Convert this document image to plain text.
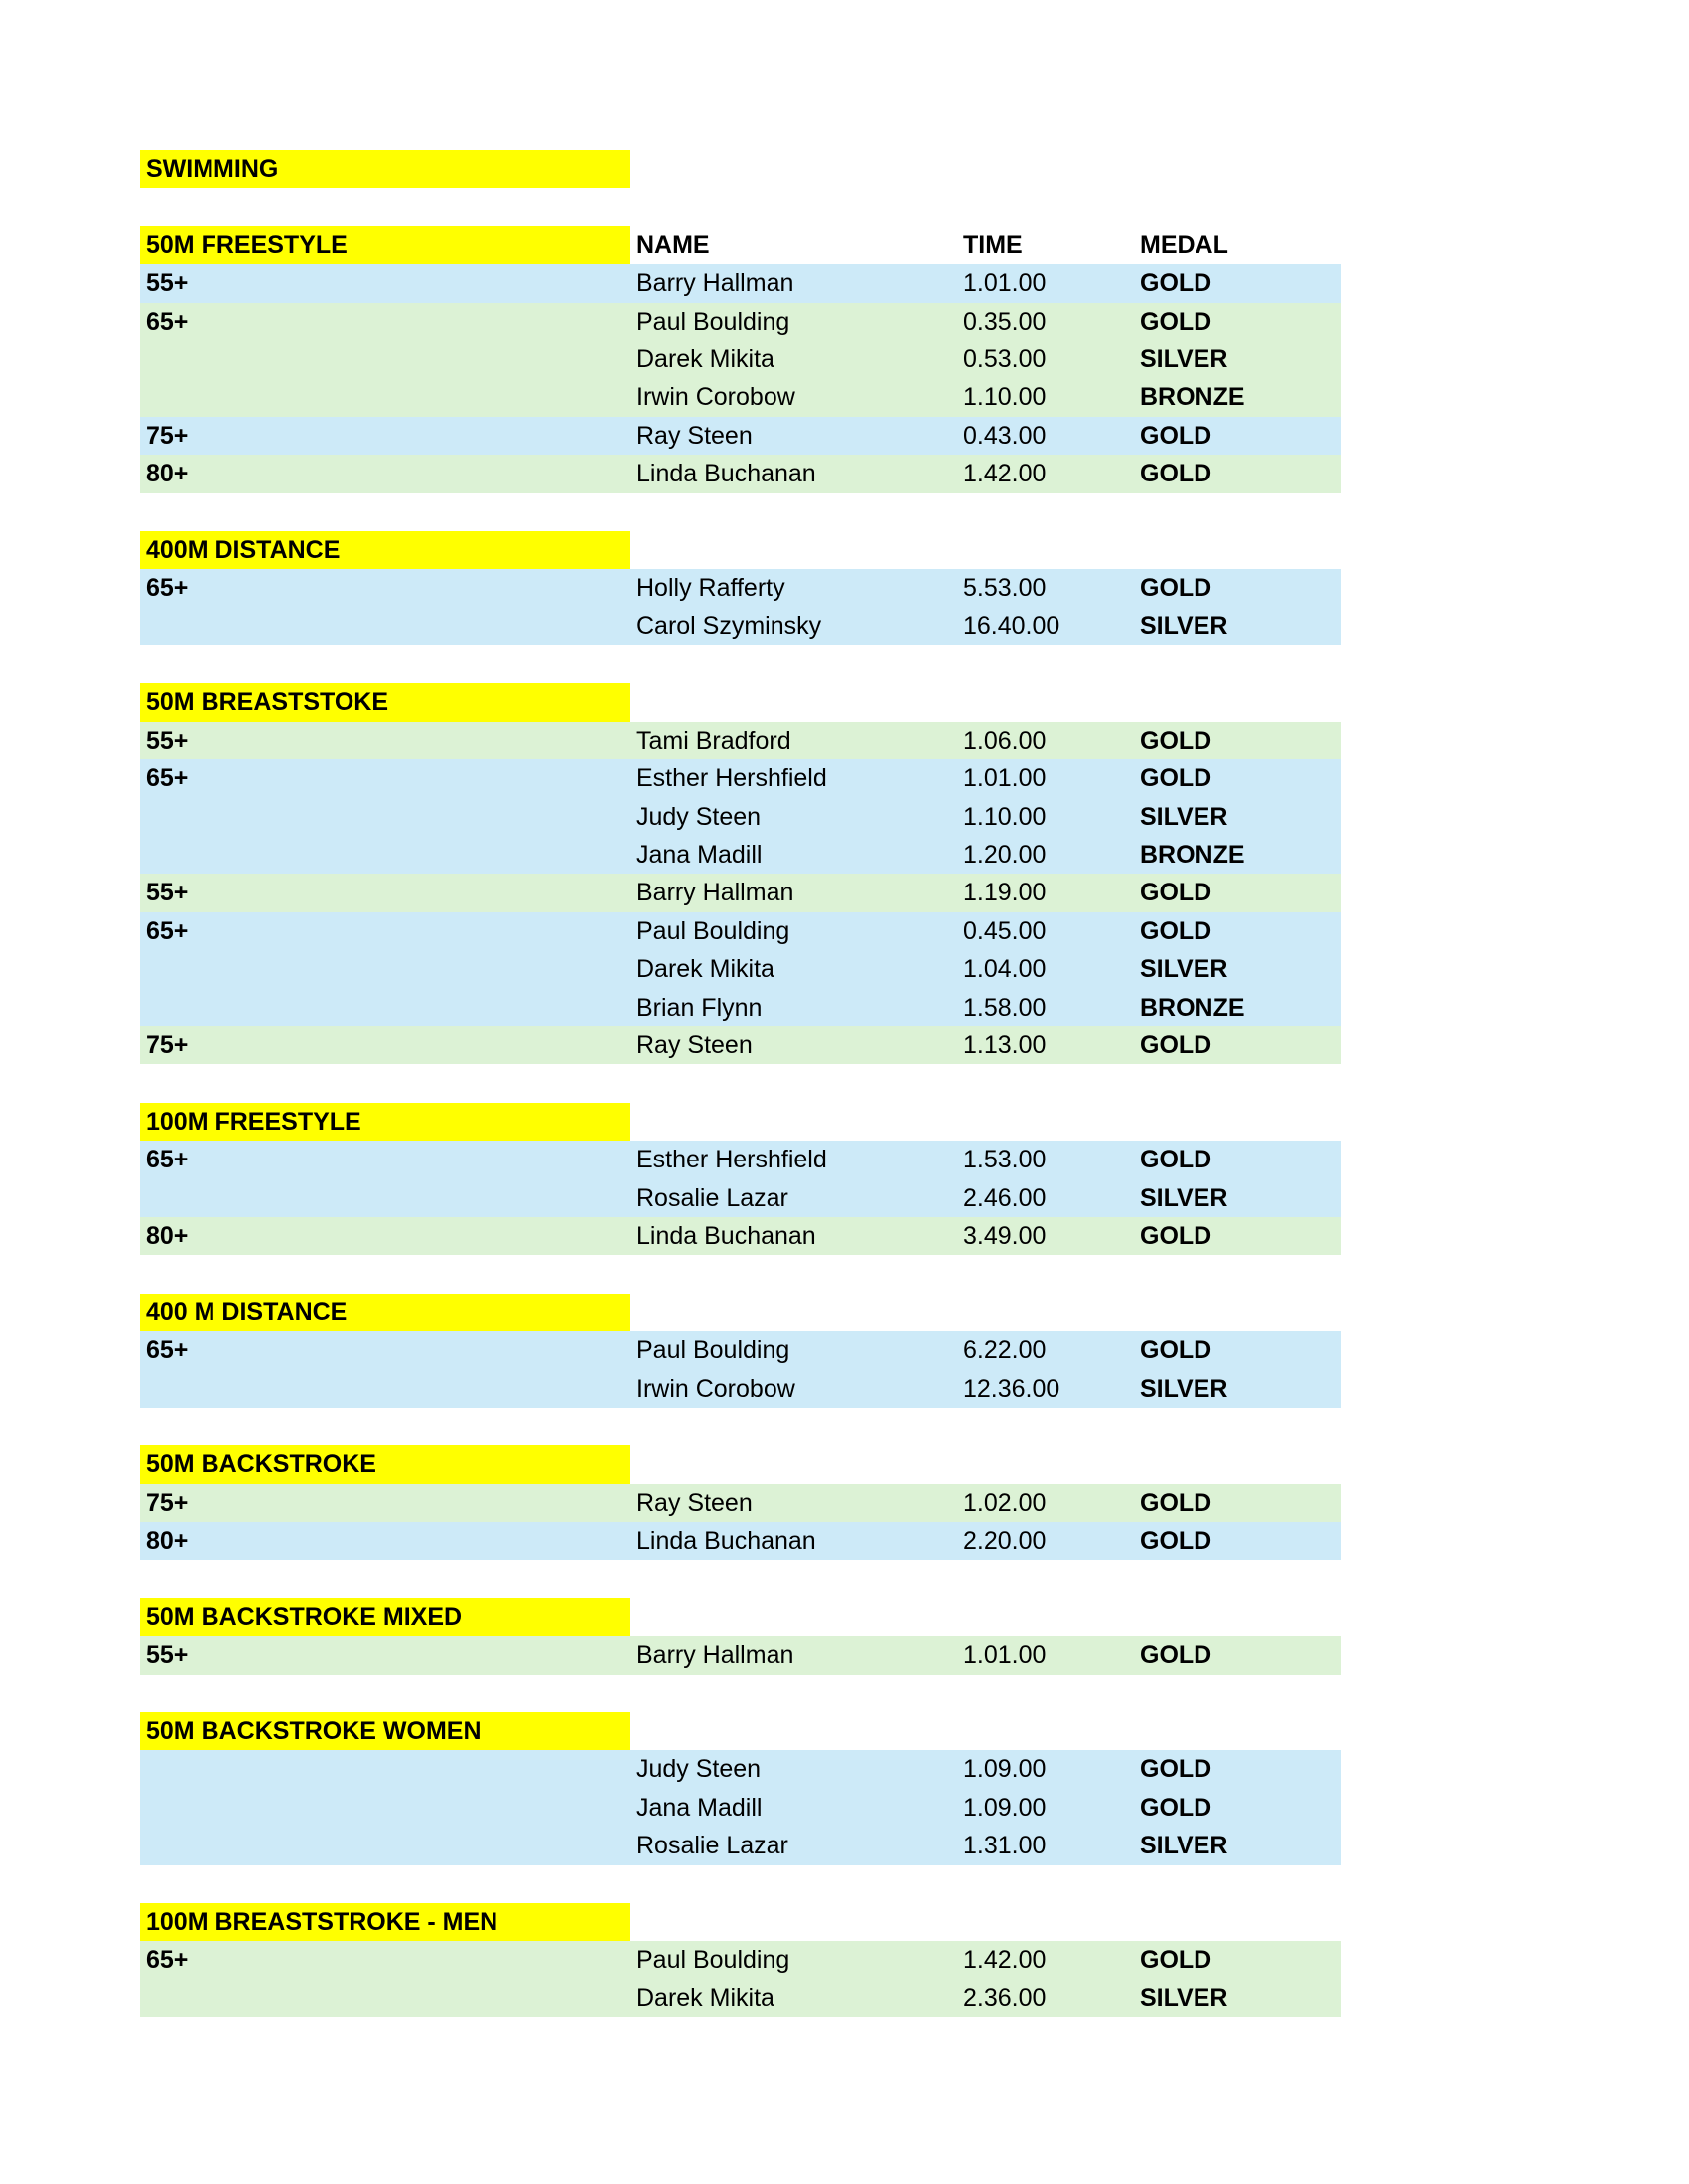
SWIMMING
50M FREESTYLE	NAME	TIME	MEDAL
55+	Barry Hallman	1.01.00	GOLD
65+	Paul Boulding	0.35.00	GOLD
Darek Mikita	0.53.00	SILVER
Irwin Corobow	1.10.00	BRONZE
75+	Ray Steen	0.43.00	GOLD
80+	Linda Buchanan	1.42.00	GOLD
400M DISTANCE
65+	Holly Rafferty	5.53.00	GOLD
Carol Szyminsky	16.40.00	SILVER
50M BREASTSTOKE
55+	Tami Bradford	1.06.00	GOLD
65+	Esther Hershfield	1.01.00	GOLD
Judy Steen	1.10.00	SILVER
Jana Madill	1.20.00	BRONZE
55+	Barry Hallman	1.19.00	GOLD
65+	Paul Boulding	0.45.00	GOLD
Darek Mikita	1.04.00	SILVER
Brian Flynn	1.58.00	BRONZE
75+	Ray Steen	1.13.00	GOLD
100M FREESTYLE
65+	Esther Hershfield	1.53.00	GOLD
Rosalie Lazar	2.46.00	SILVER
80+	Linda Buchanan	3.49.00	GOLD
400 M DISTANCE
65+	Paul Boulding	6.22.00	GOLD
Irwin Corobow	12.36.00	SILVER
50M BACKSTROKE
75+	Ray Steen	1.02.00	GOLD
80+	Linda Buchanan	2.20.00	GOLD
50M BACKSTROKE MIXED
55+	Barry Hallman	1.01.00	GOLD
50M BACKSTROKE WOMEN
Judy Steen	1.09.00	GOLD
Jana Madill	1.09.00	GOLD
Rosalie Lazar	1.31.00	SILVER
100M BREASTSTROKE - MEN
65+	Paul Boulding	1.42.00	GOLD
Darek Mikita	2.36.00	SILVER
